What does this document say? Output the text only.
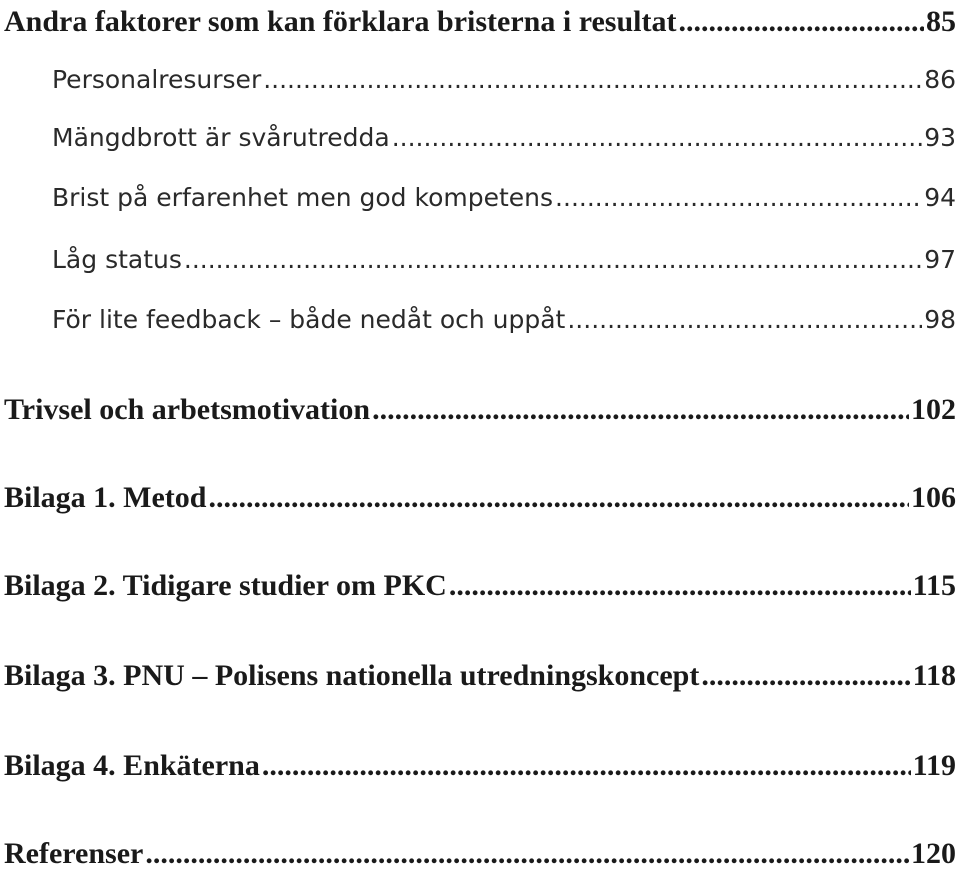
Andra faktorer som kan förklara bristerna i resultat .....	85
Personalresurser .....	86
Mängdbrott är svårutredda .....	93
Brist på erfarenhet men god kompetens .....	94
Låg status .....	97
För lite feedback – både nedåt och uppåt .....	98
Trivsel och arbetsmotivation .....	102
Bilaga 1. Metod .....	106
Bilaga 2. Tidigare studier om PKC .....	115
Bilaga 3. PNU – Polisens nationella utredningskoncept .....	118
Bilaga 4. Enkäterna .....	119
Referenser .....	120
